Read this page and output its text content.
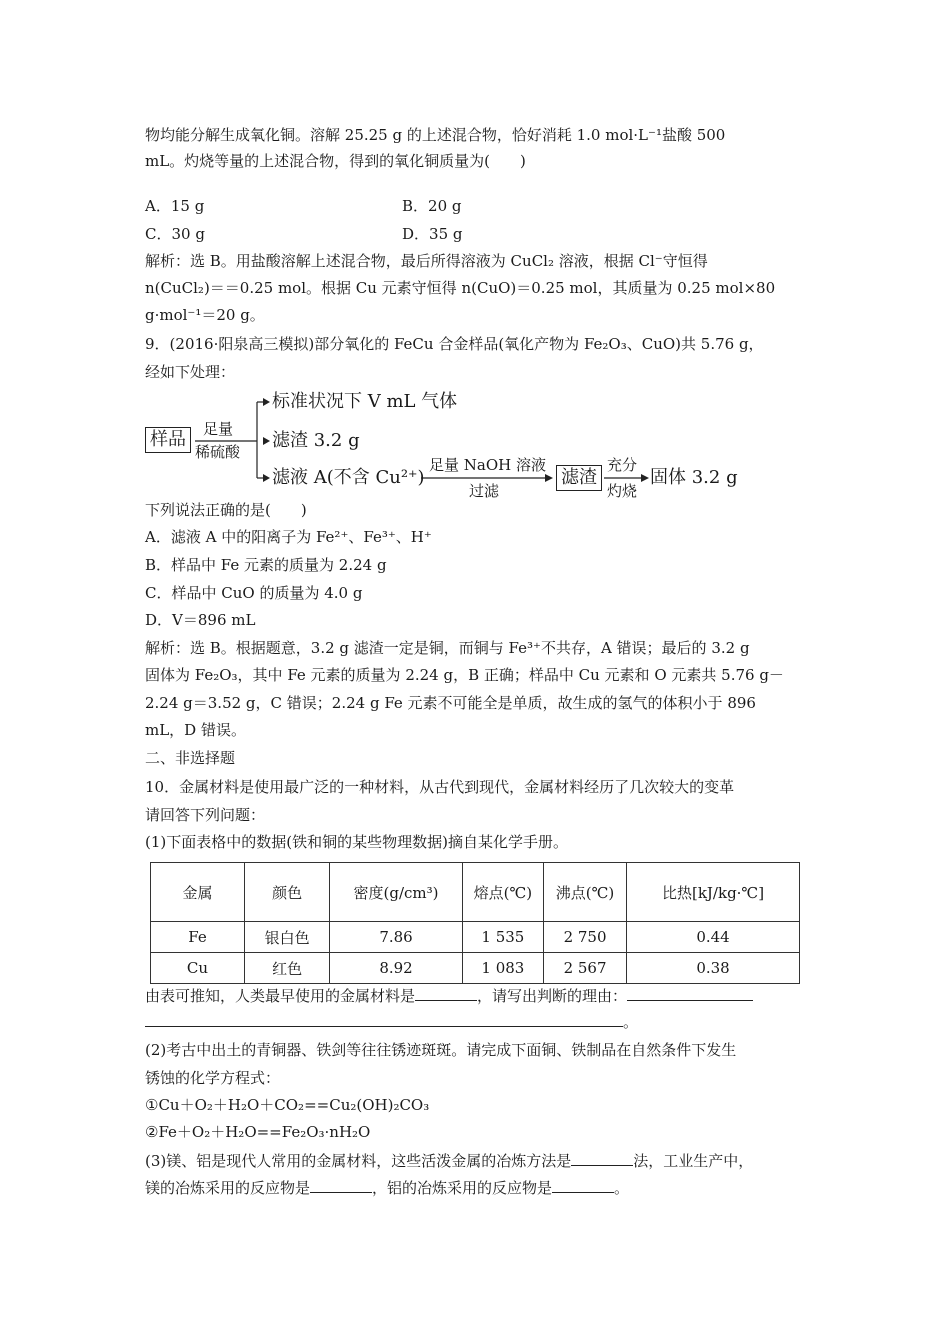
物均能分解生成氧化铜。溶解 25.25 g 的上述混合物，恰好消耗 1.0 mol·L⁻¹盐酸 500
mL。灼烧等量的上述混合物，得到的氧化铜质量为(　　)
A．15 g	B．20 g
C．30 g	D．35 g
解析：选 B。用盐酸溶解上述混合物，最后所得溶液为 CuCl₂ 溶液，根据 Cl⁻守恒得
n(CuCl₂)＝＝0.25 mol。根据 Cu 元素守恒得 n(CuO)＝0.25 mol，其质量为 0.25 mol×80
g·mol⁻¹＝20 g。
9．(2016·阳泉高三模拟)部分氧化的 FeCu 合金样品(氧化产物为 Fe₂O₃、CuO)共 5.76 g，
经如下处理：
样品	足量
稀硫酸
标准状况下 V mL 气体
滤渣 3.2 g
滤液 A(不含 Cu²⁺)
足量 NaOH 溶液
过滤
滤渣
充分
灼烧
固体 3.2 g
下列说法正确的是(　　)
A．滤液 A 中的阳离子为 Fe²⁺、Fe³⁺、H⁺
B．样品中 Fe 元素的质量为 2.24 g
C．样品中 CuO 的质量为 4.0 g
D．V＝896 mL
解析：选 B。根据题意，3.2 g 滤渣一定是铜，而铜与 Fe³⁺不共存，A 错误；最后的 3.2 g
固体为 Fe₂O₃，其中 Fe 元素的质量为 2.24 g，B 正确；样品中 Cu 元素和 O 元素共 5.76 g－
2.24 g＝3.52 g，C 错误；2.24 g Fe 元素不可能全是单质，故生成的氢气的体积小于 896
mL，D 错误。
二、非选择题
10．金属材料是使用最广泛的一种材料，从古代到现代，金属材料经历了几次较大的变革
请回答下列问题：
(1)下面表格中的数据(铁和铜的某些物理数据)摘自某化学手册。
金属	颜色	密度(g/cm³)	熔点(℃)	沸点(℃)	比热[kJ/kg·℃]
Fe	银白色	7.86	1 535	2 750	0.44
Cu	红色	8.92	1 083	2 567	0.38
由表可推知，人类最早使用的金属材料是	，请写出判断的理由：
。
(2)考古中出土的青铜器、铁剑等往往锈迹斑斑。请完成下面铜、铁制品在自然条件下发生
锈蚀的化学方程式：
①Cu＋O₂＋H₂O＋CO₂==Cu₂(OH)₂CO₃
②Fe＋O₂＋H₂O==Fe₂O₃·nH₂O
(3)镁、铝是现代人常用的金属材料，这些活泼金属的冶炼方法是	法，工业生产中，
镁的冶炼采用的反应物是	，铝的冶炼采用的反应物是	。
